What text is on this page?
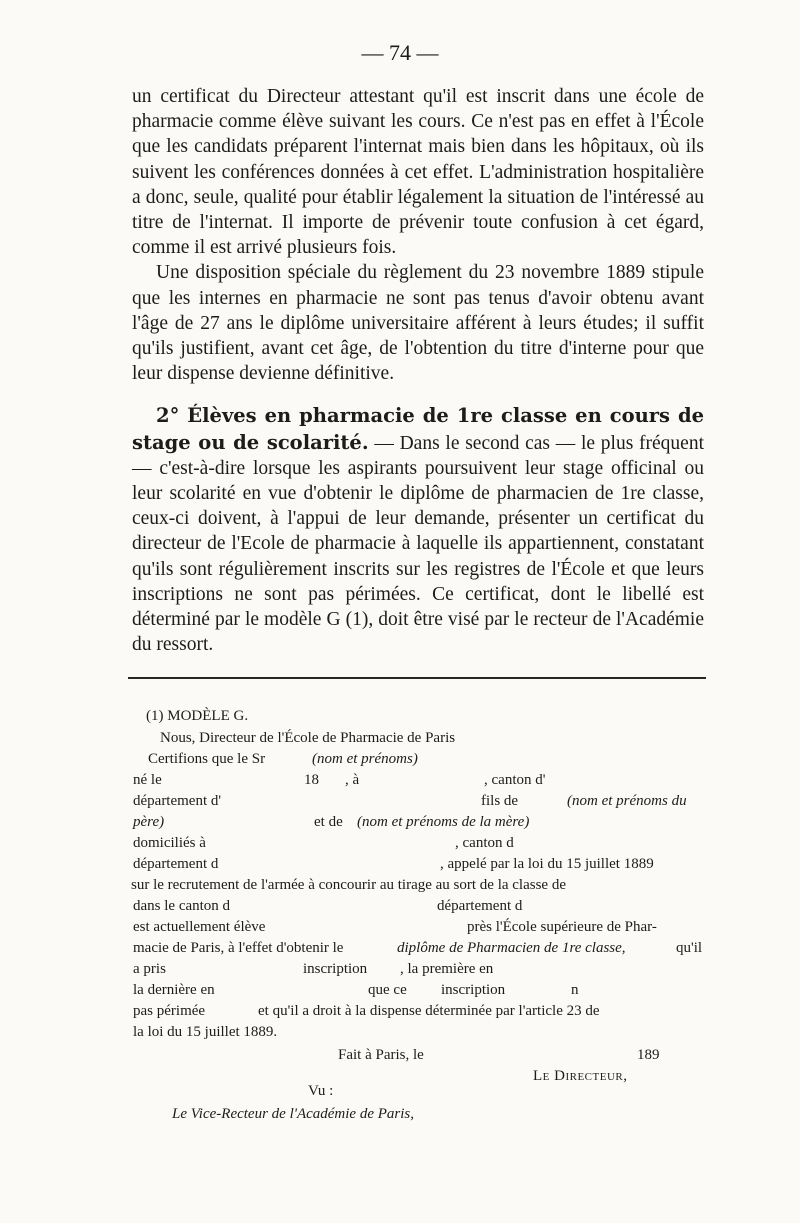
— 74 —

un certificat du Directeur attestant qu'il est inscrit dans une école de pharmacie comme élève suivant les cours. Ce n'est pas en effet à l'École que les candidats préparent l'internat mais bien dans les hôpitaux, où ils suivent les conférences données à cet effet. L'administration hospitalière a donc, seule, qualité pour établir légalement la situation de l'intéressé au titre de l'internat. Il importe de prévenir toute confusion à cet égard, comme il est arrivé plusieurs fois.

Une disposition spéciale du règlement du 23 novembre 1889 stipule que les internes en pharmacie ne sont pas tenus d'avoir obtenu avant l'âge de 27 ans le diplôme universitaire afférent à leurs études; il suffit qu'ils justifient, avant cet âge, de l'obtention du titre d'interne pour que leur dispense devienne définitive.

2° Élèves en pharmacie de 1re classe en cours de stage ou de scolarité. — Dans le second cas — le plus fréquent — c'est-à-dire lorsque les aspirants poursuivent leur stage officinal ou leur scolarité en vue d'obtenir le diplôme de pharmacien de 1re classe, ceux-ci doivent, à l'appui de leur demande, présenter un certificat du directeur de l'Ecole de pharmacie à laquelle ils appartiennent, constatant qu'ils sont régulièrement inscrits sur les registres de l'École et que leurs inscriptions ne sont pas périmées. Ce certificat, dont le libellé est déterminé par le modèle G (1), doit être visé par le recteur de l'Académie du ressort.

(1) MODÈLE G.
Nous, Directeur de l'École de Pharmacie de Paris
Certifions que le Sr	(nom et prénoms)
né le	18 , à	, canton d'
département d'	fils de	(nom et prénoms du
père)	et de (nom et prénoms de la mère)
domiciliés à	, canton d
département d	, appelé par la loi du 15 juillet 1889
sur le recrutement de l'armée à concourir au tirage au sort de la classe de
dans le canton d	département d
est actuellement élève	près l'École supérieure de Phar-
macie de Paris, à l'effet d'obtenir le	diplôme de Pharmacien de 1re classe,	qu'il
a pris	inscription , la première en
la dernière en	que ce inscription	n
pas périmée	et qu'il a droit à la dispense déterminée par l'article 23 de
la loi du 15 juillet 1889.
Fait à Paris, le	189
Le Directeur,
Vu :
Le Vice-Recteur de l'Académie de Paris,
